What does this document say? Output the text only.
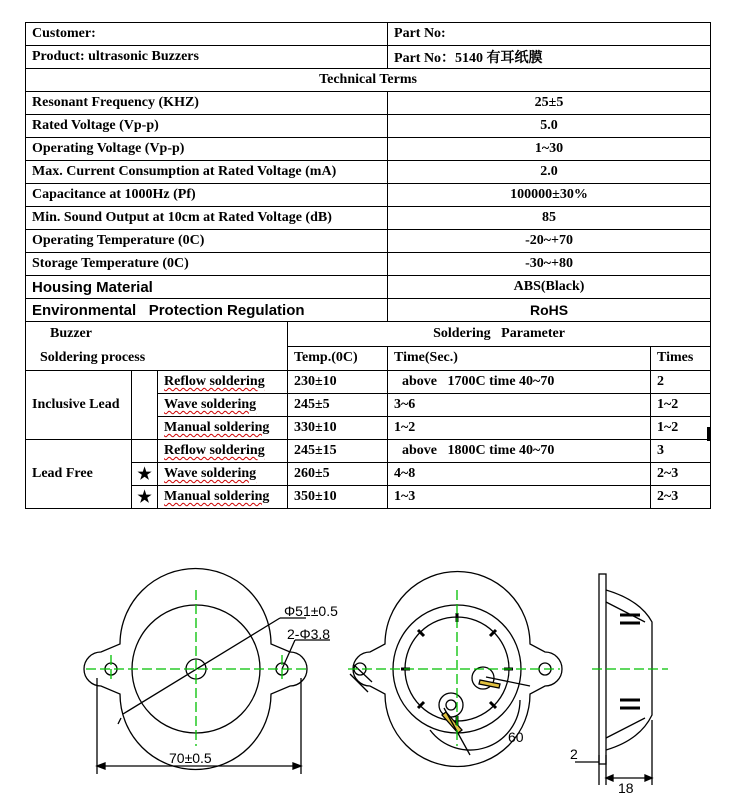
Customer:				Part No:	
Product: ultrasonic Buzzers				Part No：5140 有耳纸膜	
Technical Terms					
Resonant Frequency (KHZ)				25±5	
Rated Voltage (Vp-p)				5.0	
Operating Voltage (Vp-p)				1~30	
Max. Current Consumption at Rated Voltage (mA)				2.0	
Capacitance at 1000Hz (Pf)				100000±30%	
Min. Sound Output at 10cm at Rated Voltage (dB)				85	
Operating Temperature (0C)				-20~+70	
Storage Temperature (0C)				-30~+80	
Housing Material				ABS(Black)	
Environmental   Protection Regulation				RoHS	

Buzzer
Soldering process			Soldering   Parameter		
			Temp.(0C)	Time(Sec.)	Times
Inclusive Lead		Reflow soldering	230±10	above   1700C time 40~70	2
		Wave soldering	245±5	3~6	1~2
		Manual soldering	330±10	1~2	1~2
Lead Free		Reflow soldering	245±15	above   1800C time 40~70	3
	★	Wave soldering	260±5	4~8	2~3
	★	Manual soldering	350±10	1~3	2~3
Φ51±0.5
2-Φ3.8
70±0.5
60
2
18
